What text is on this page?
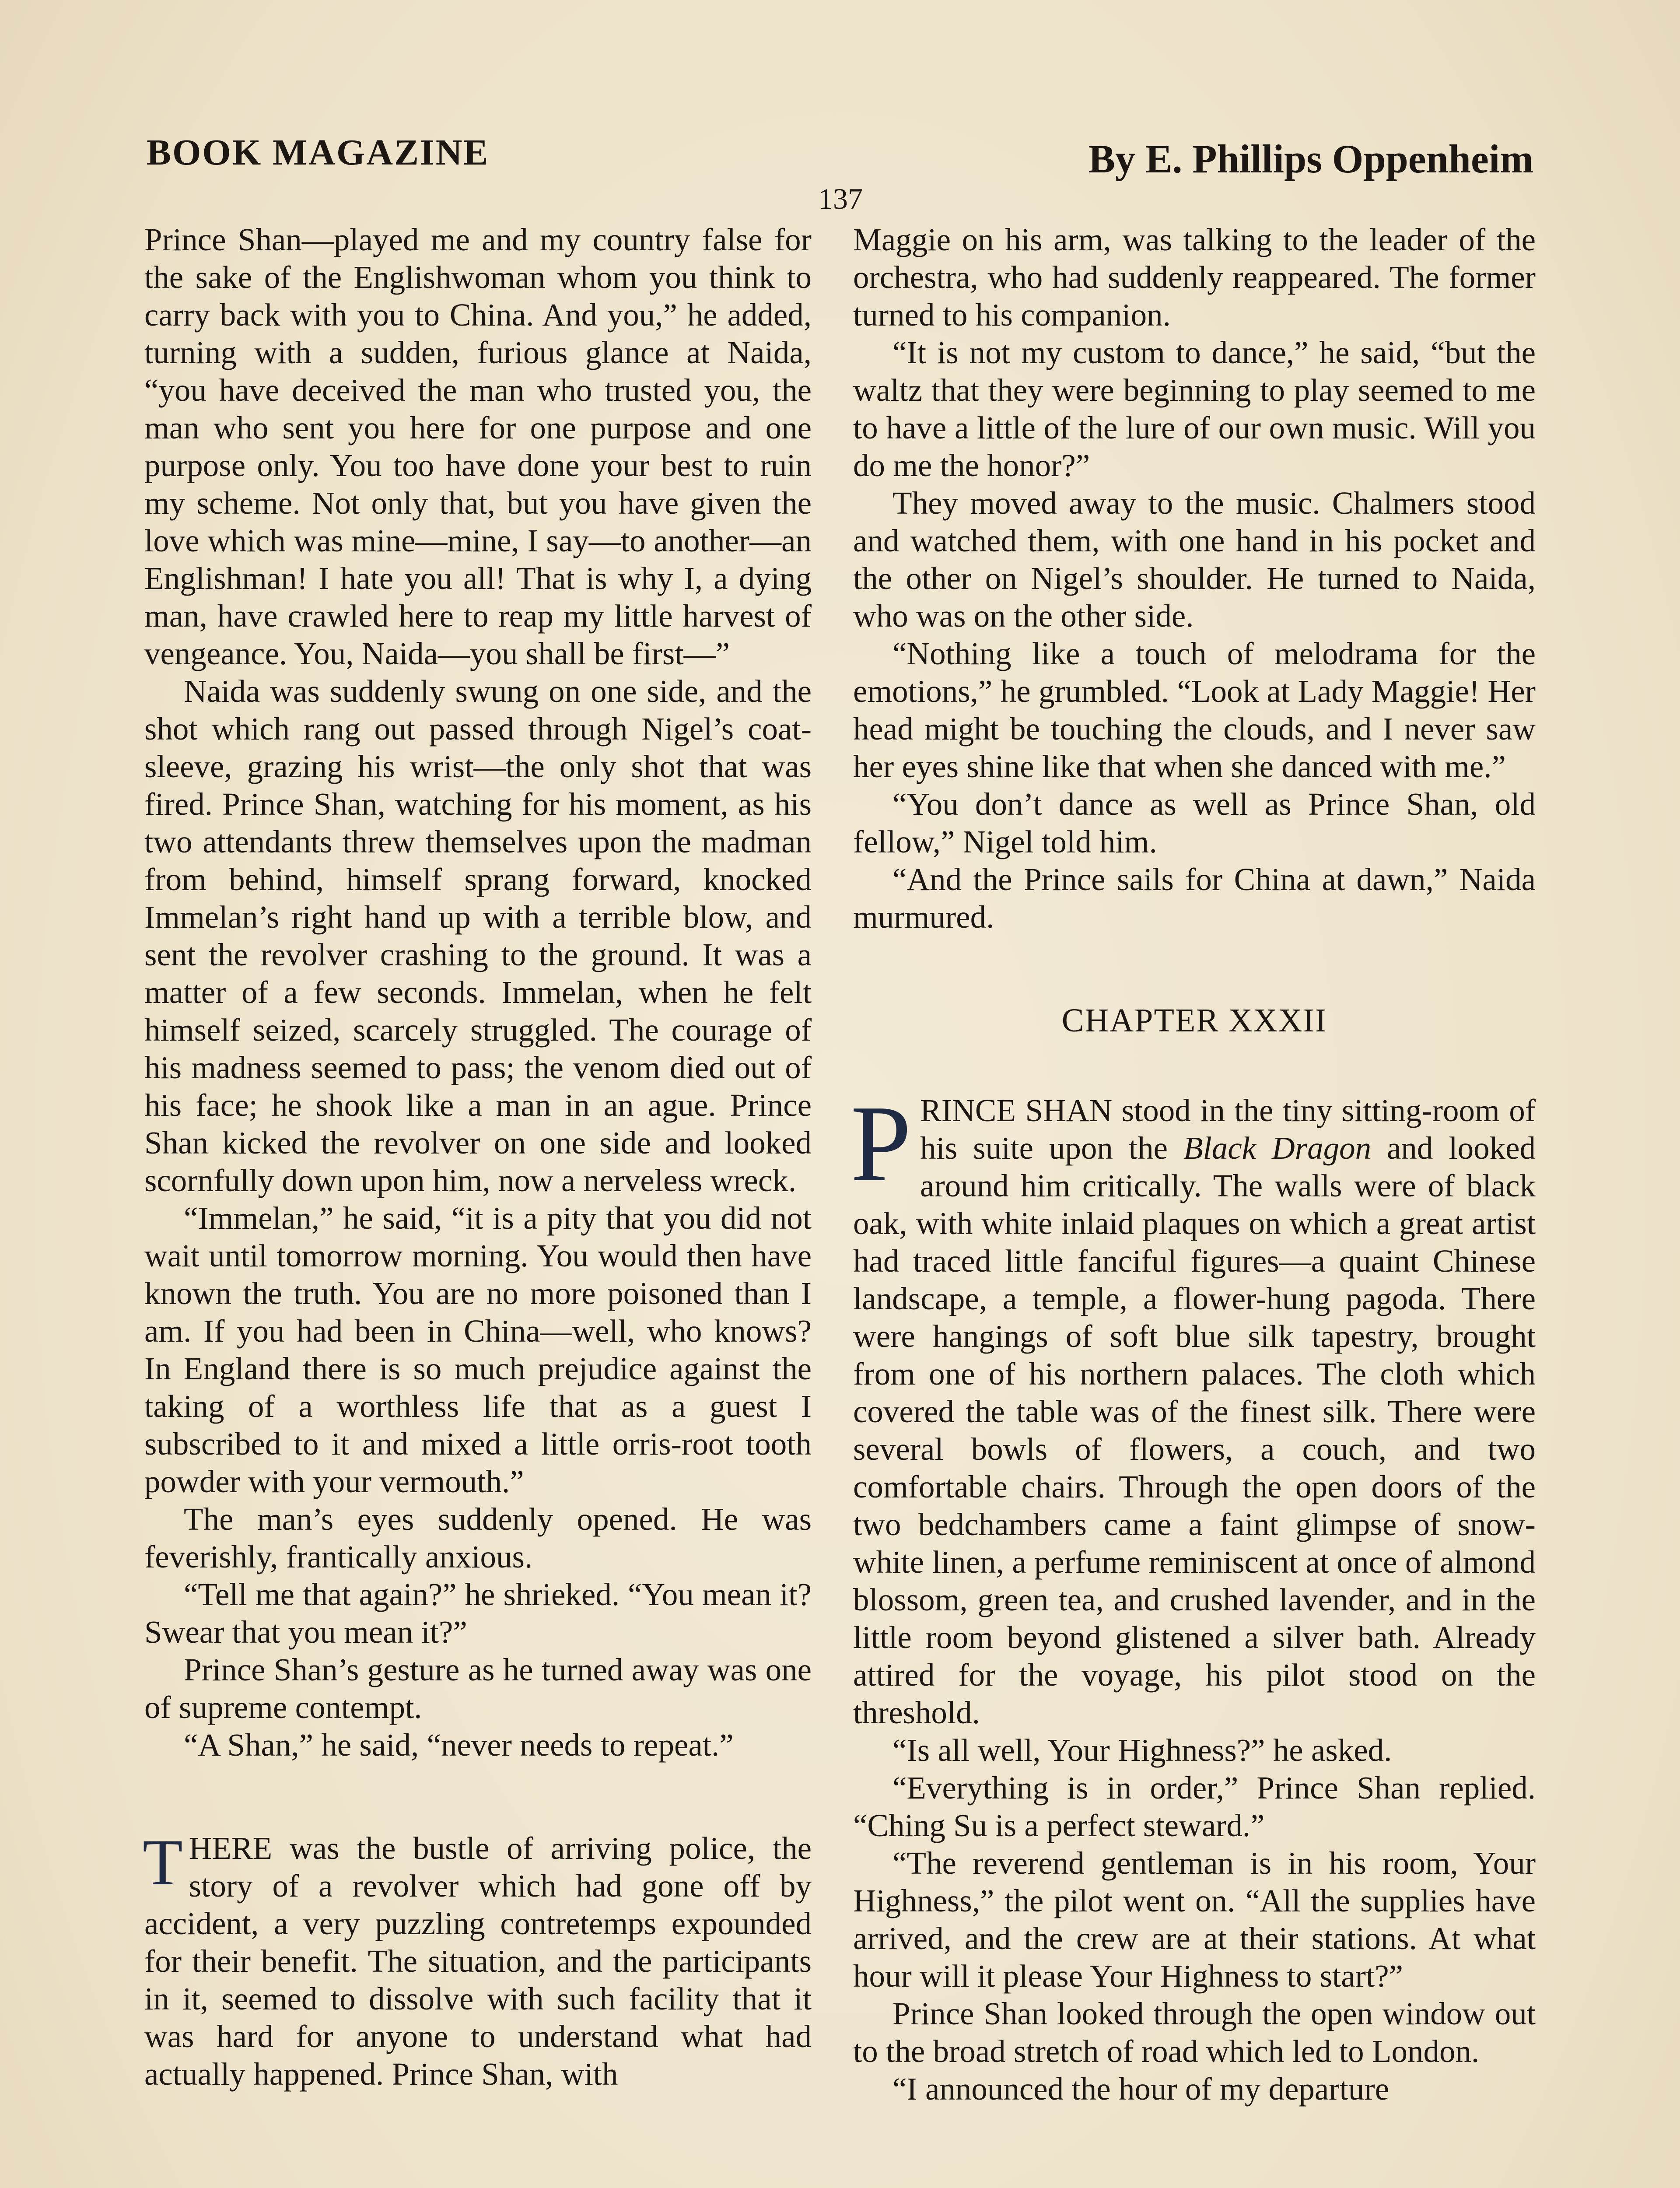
BOOK MAGAZINE	By E. Phillips Oppenheim
137

Prince Shan—played me and my country false for the sake of the Englishwoman whom you think to carry back with you to China. And you,” he added, turning with a sudden, furious glance at Naida, “you have deceived the man who trusted you, the man who sent you here for one purpose and one purpose only. You too have done your best to ruin my scheme. Not only that, but you have given the love which was mine—mine, I say—to another—an Englishman! I hate you all! That is why I, a dying man, have crawled here to reap my little harvest of vengeance. You, Naida—you shall be first—”

Naida was suddenly swung on one side, and the shot which rang out passed through Nigel’s coat-sleeve, grazing his wrist—the only shot that was fired. Prince Shan, watching for his moment, as his two attendants threw themselves upon the madman from behind, himself sprang forward, knocked Immelan’s right hand up with a terrible blow, and sent the revolver crashing to the ground. It was a matter of a few seconds. Immelan, when he felt himself seized, scarcely struggled. The courage of his madness seemed to pass; the venom died out of his face; he shook like a man in an ague. Prince Shan kicked the revolver on one side and looked scornfully down upon him, now a nerveless wreck.

“Immelan,” he said, “it is a pity that you did not wait until tomorrow morning. You would then have known the truth. You are no more poisoned than I am. If you had been in China—well, who knows? In England there is so much prejudice against the taking of a worthless life that as a guest I subscribed to it and mixed a little orris-root tooth powder with your vermouth.”

The man’s eyes suddenly opened. He was feverishly, frantically anxious.

“Tell me that again?” he shrieked. “You mean it? Swear that you mean it?”

Prince Shan’s gesture as he turned away was one of supreme contempt.

“A Shan,” he said, “never needs to repeat.”

THERE was the bustle of arriving police, the story of a revolver which had gone off by accident, a very puzzling contretemps expounded for their benefit. The situation, and the participants in it, seemed to dissolve with such facility that it was hard for anyone to understand what had actually happened. Prince Shan, with

Maggie on his arm, was talking to the leader of the orchestra, who had suddenly reappeared. The former turned to his companion.

“It is not my custom to dance,” he said, “but the waltz that they were beginning to play seemed to me to have a little of the lure of our own music. Will you do me the honor?”

They moved away to the music. Chalmers stood and watched them, with one hand in his pocket and the other on Nigel’s shoulder. He turned to Naida, who was on the other side.

“Nothing like a touch of melodrama for the emotions,” he grumbled. “Look at Lady Maggie! Her head might be touching the clouds, and I never saw her eyes shine like that when she danced with me.”

“You don’t dance as well as Prince Shan, old fellow,” Nigel told him.

“And the Prince sails for China at dawn,” Naida murmured.

CHAPTER XXXII

PRINCE SHAN stood in the tiny sitting-room of his suite upon the Black Dragon and looked around him critically. The walls were of black oak, with white inlaid plaques on which a great artist had traced little fanciful figures—a quaint Chinese landscape, a temple, a flower-hung pagoda. There were hangings of soft blue silk tapestry, brought from one of his northern palaces. The cloth which covered the table was of the finest silk. There were several bowls of flowers, a couch, and two comfortable chairs. Through the open doors of the two bedchambers came a faint glimpse of snow-white linen, a perfume reminiscent at once of almond blossom, green tea, and crushed lavender, and in the little room beyond glistened a silver bath. Already attired for the voyage, his pilot stood on the threshold.

“Is all well, Your Highness?” he asked.

“Everything is in order,” Prince Shan replied. “Ching Su is a perfect steward.”

“The reverend gentleman is in his room, Your Highness,” the pilot went on. “All the supplies have arrived, and the crew are at their stations. At what hour will it please Your Highness to start?”

Prince Shan looked through the open window out to the broad stretch of road which led to London.

“I announced the hour of my departure
